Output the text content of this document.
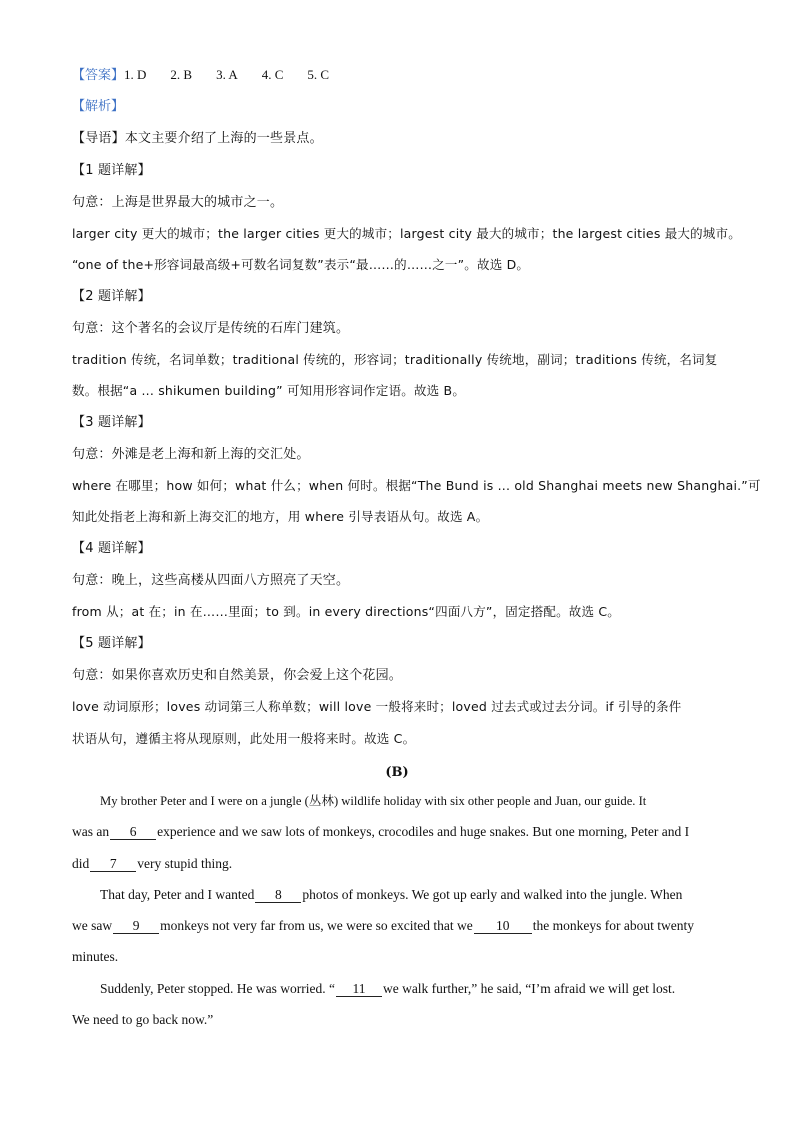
【答案】1. D 2. B 3. A 4. C 5. C
【解析】
【导语】本文主要介绍了上海的一些景点。
【1 题详解】
句意：上海是世界最大的城市之一。
larger city 更大的城市；the larger cities 更大的城市；largest city 最大的城市；the largest cities 最大的城市。
“one of the+形容词最高级+可数名词复数”表示“最……的……之一”。故选 D。
【2 题详解】
句意：这个著名的会议厅是传统的石库门建筑。
tradition 传统，名词单数；traditional 传统的，形容词；traditionally 传统地，副词；traditions 传统，名词复
数。根据“a ... shikumen building” 可知用形容词作定语。故选 B。
【3 题详解】
句意：外滩是老上海和新上海的交汇处。
where 在哪里；how 如何；what 什么；when 何时。根据“The Bund is ... old Shanghai meets new Shanghai.”可
知此处指老上海和新上海交汇的地方，用 where 引导表语从句。故选 A。
【4 题详解】
句意：晚上，这些高楼从四面八方照亮了天空。
from 从；at 在；in 在……里面；to 到。in every directions“四面八方”，固定搭配。故选 C。
【5 题详解】
句意：如果你喜欢历史和自然美景，你会爱上这个花园。
love 动词原形；loves 动词第三人称单数；will love 一般将来时；loved 过去式或过去分词。if 引导的条件
状语从句，遵循主将从现原则，此处用一般将来时。故选 C。
(B)
My brother Peter and I were on a jungle (丛林) wildlife holiday with six other people and Juan, our guide. It
was an 6 experience and we saw lots of monkeys, crocodiles and huge snakes. But one morning, Peter and I
did 7 very stupid thing.
That day, Peter and I wanted 8 photos of monkeys. We got up early and walked into the jungle. When
we saw 9 monkeys not very far from us, we were so excited that we 10 the monkeys for about twenty
minutes.
Suddenly, Peter stopped. He was worried. “ 11 we walk further,” he said, “I’m afraid we will get lost.
We need to go back now.”
